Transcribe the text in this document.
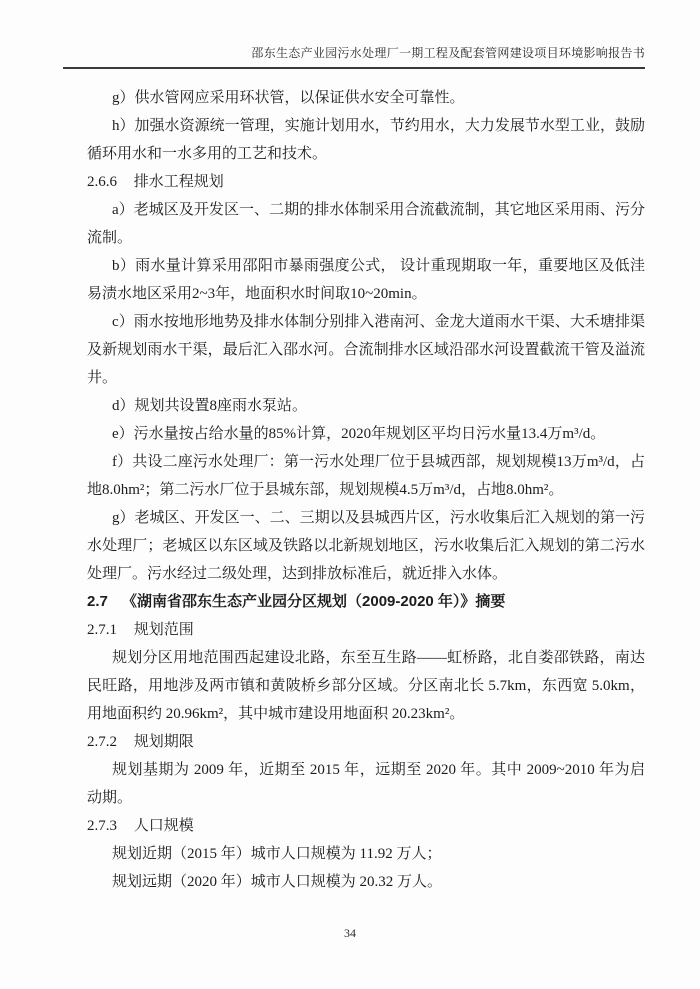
邵东生态产业园污水处理厂一期工程及配套管网建设项目环境影响报告书

g）供水管网应采用环状管，以保证供水安全可靠性。

h）加强水资源统一管理，实施计划用水，节约用水，大力发展节水型工业，鼓励循环用水和一水多用的工艺和技术。

2.6.6 排水工程规划

a）老城区及开发区一、二期的排水体制采用合流截流制，其它地区采用雨、污分流制。

b）雨水量计算采用邵阳市暴雨强度公式， 设计重现期取一年，重要地区及低洼易渍水地区采用2~3年，地面积水时间取10~20min。

c）雨水按地形地势及排水体制分别排入港南河、金龙大道雨水干渠、大禾塘排渠及新规划雨水干渠，最后汇入邵水河。合流制排水区域沿邵水河设置截流干管及溢流井。

d）规划共设置8座雨水泵站。

e）污水量按占给水量的85%计算，2020年规划区平均日污水量13.4万m³/d。

f）共设二座污水处理厂：第一污水处理厂位于县城西部，规划规模13万m³/d，占地8.0hm²；第二污水厂位于县城东部，规划规模4.5万m³/d，占地8.0hm²。

g）老城区、开发区一、二、三期以及县城西片区，污水收集后汇入规划的第一污水处理厂；老城区以东区域及铁路以北新规划地区，污水收集后汇入规划的第二污水处理厂。污水经过二级处理，达到排放标准后，就近排入水体。

2.7 《湖南省邵东生态产业园分区规划（2009-2020 年）》摘要
2.7.1 规划范围

规划分区用地范围西起建设北路，东至互生路——虹桥路，北自娄邵铁路，南达民旺路，用地涉及两市镇和黄陂桥乡部分区域。分区南北长 5.7km，东西宽 5.0km，用地面积约 20.96km²，其中城市建设用地面积 20.23km²。

2.7.2 规划期限

规划基期为 2009 年，近期至 2015 年，远期至 2020 年。其中 2009~2010 年为启动期。

2.7.3 人口规模

规划近期（2015 年）城市人口规模为 11.92 万人；

规划远期（2020 年）城市人口规模为 20.32 万人。

34
